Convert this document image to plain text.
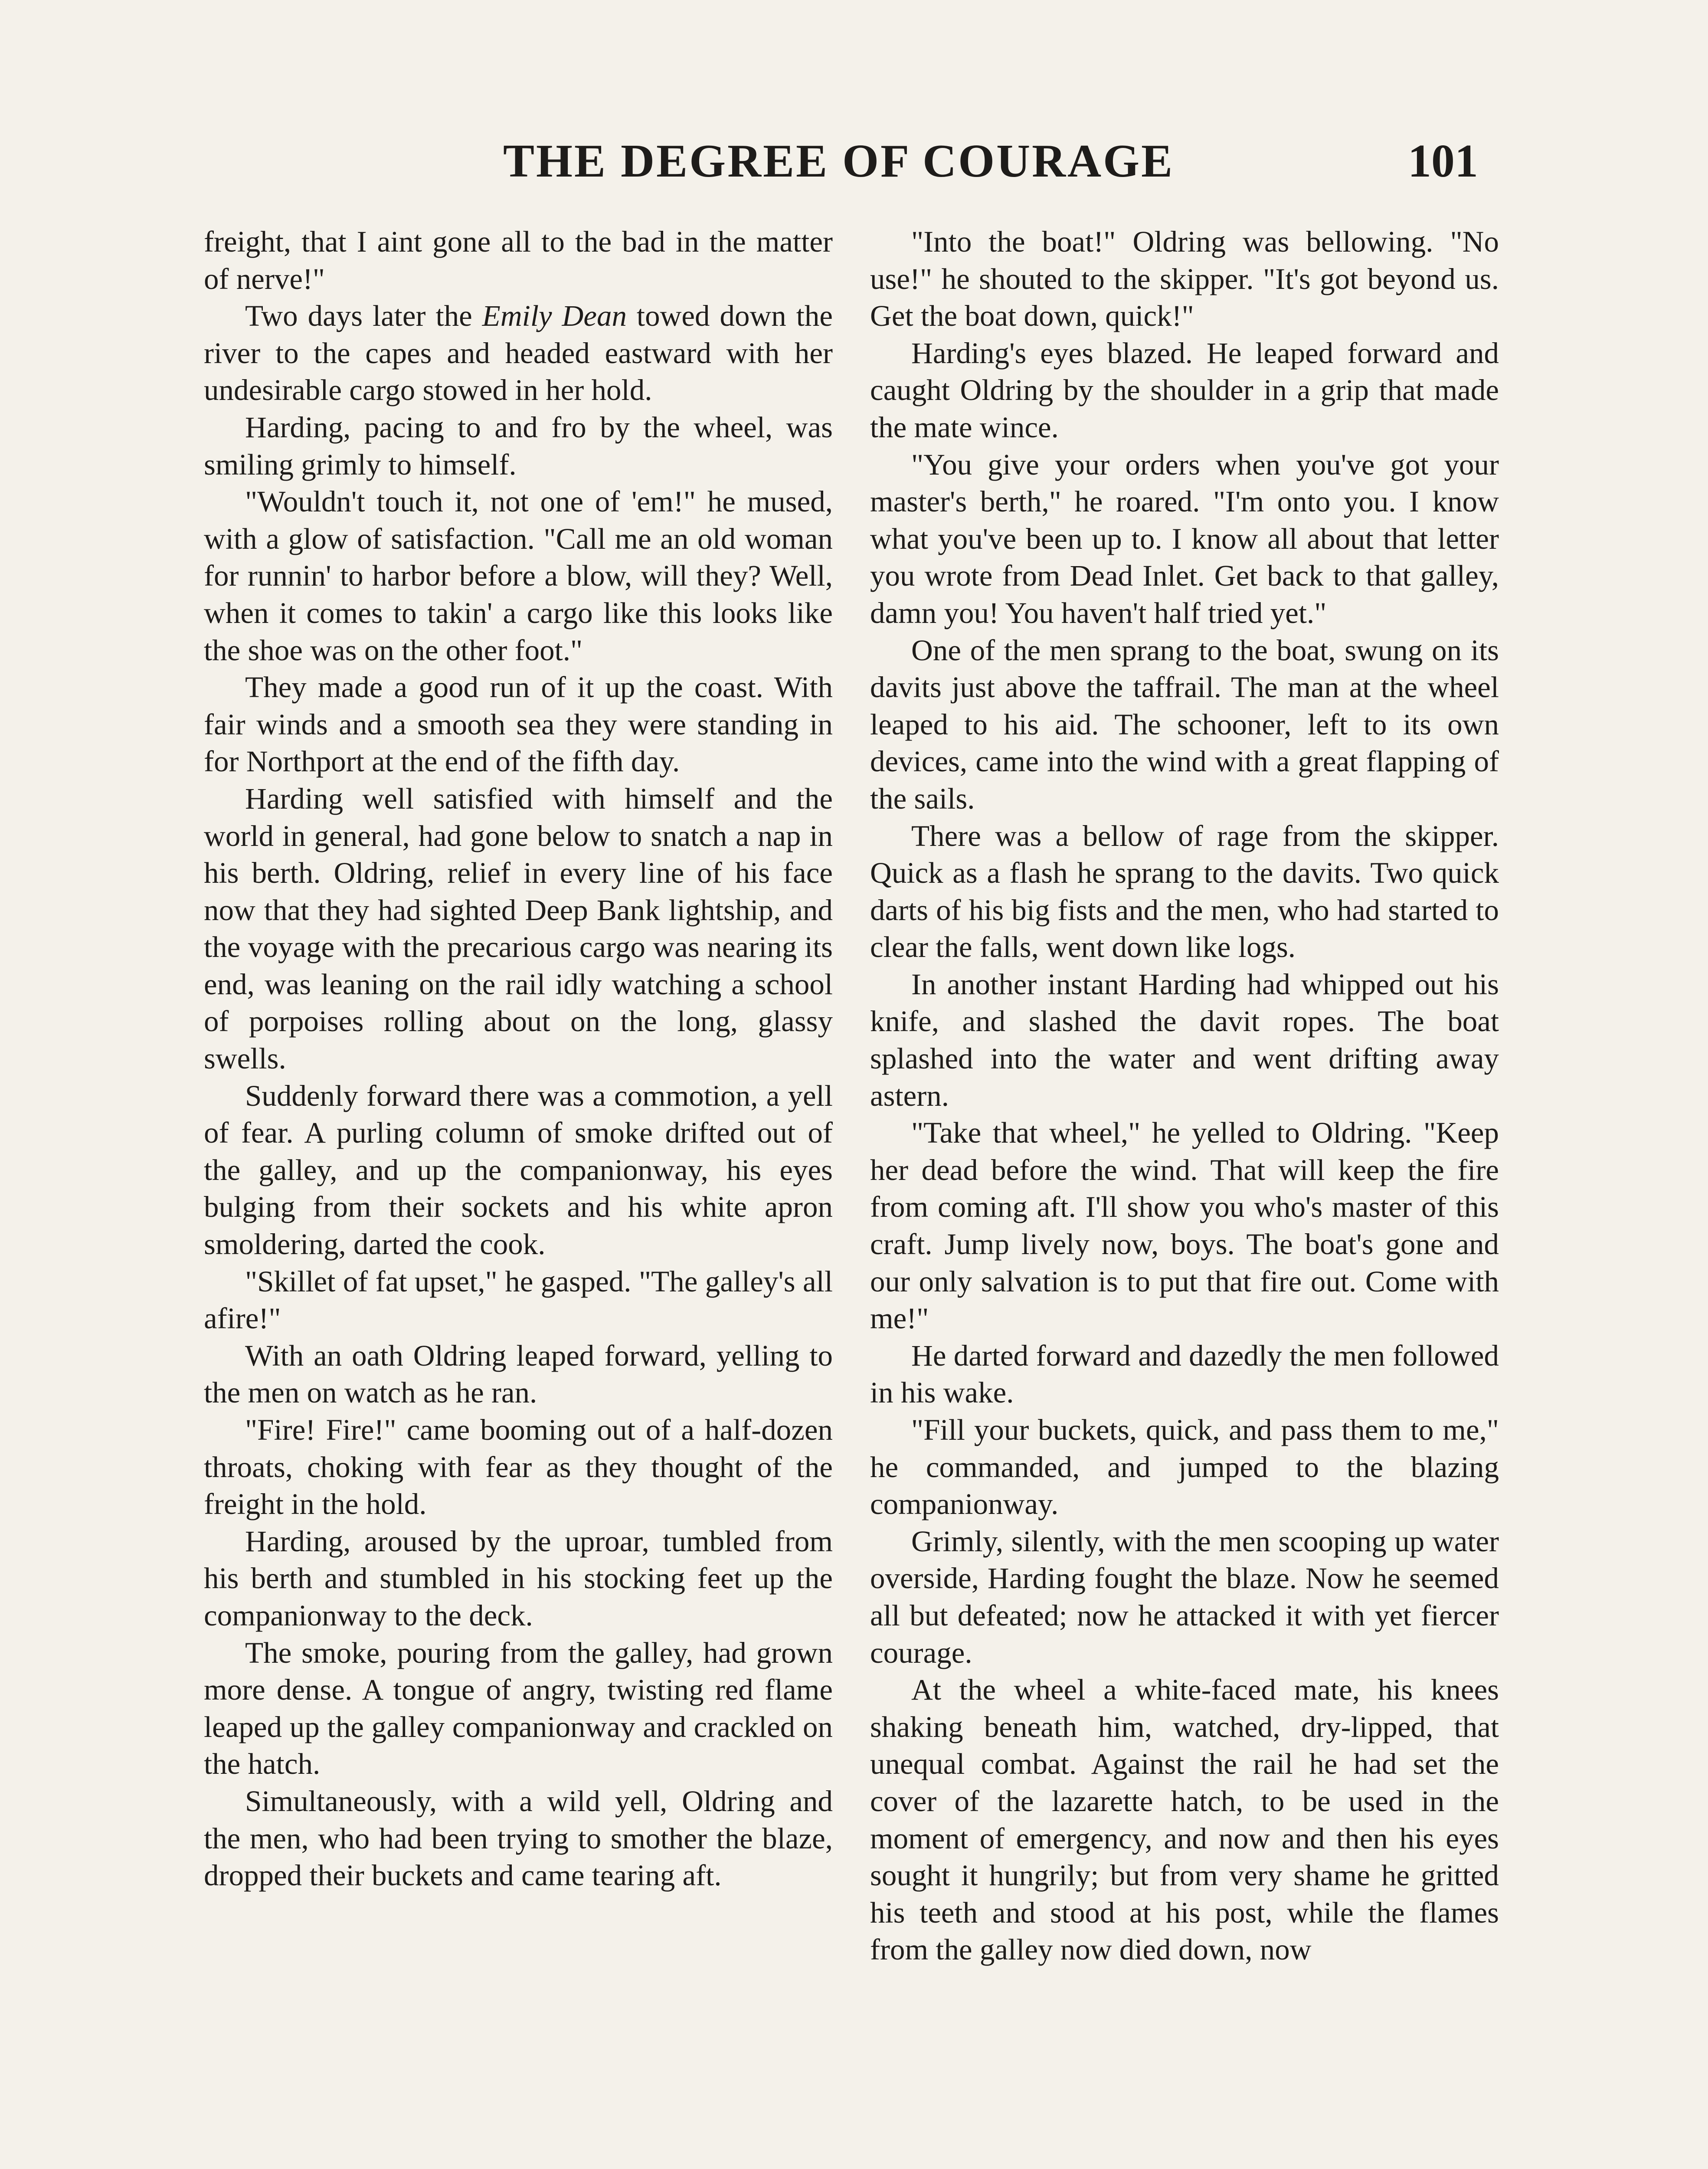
THE DEGREE OF COURAGE	101

freight, that I aint gone all to the bad in the matter of nerve!"

Two days later the Emily Dean towed down the river to the capes and headed eastward with her undesirable cargo stowed in her hold.

Harding, pacing to and fro by the wheel, was smiling grimly to himself.

"Wouldn't touch it, not one of 'em!" he mused, with a glow of satisfaction. "Call me an old woman for runnin' to harbor before a blow, will they? Well, when it comes to takin' a cargo like this looks like the shoe was on the other foot."

They made a good run of it up the coast. With fair winds and a smooth sea they were standing in for Northport at the end of the fifth day.

Harding well satisfied with himself and the world in general, had gone below to snatch a nap in his berth. Oldring, relief in every line of his face now that they had sighted Deep Bank lightship, and the voyage with the precarious cargo was nearing its end, was leaning on the rail idly watching a school of porpoises rolling about on the long, glassy swells.

Suddenly forward there was a commotion, a yell of fear. A purling column of smoke drifted out of the galley, and up the companionway, his eyes bulging from their sockets and his white apron smoldering, darted the cook.

"Skillet of fat upset," he gasped. "The galley's all afire!"

With an oath Oldring leaped forward, yelling to the men on watch as he ran.

"Fire! Fire!" came booming out of a half-dozen throats, choking with fear as they thought of the freight in the hold.

Harding, aroused by the uproar, tumbled from his berth and stumbled in his stocking feet up the companionway to the deck.

The smoke, pouring from the galley, had grown more dense. A tongue of angry, twisting red flame leaped up the galley companionway and crackled on the hatch.

Simultaneously, with a wild yell, Oldring and the men, who had been trying to smother the blaze, dropped their buckets and came tearing aft.

"Into the boat!" Oldring was bellowing. "No use!" he shouted to the skipper. "It's got beyond us. Get the boat down, quick!"

Harding's eyes blazed. He leaped forward and caught Oldring by the shoulder in a grip that made the mate wince.

"You give your orders when you've got your master's berth," he roared. "I'm onto you. I know what you've been up to. I know all about that letter you wrote from Dead Inlet. Get back to that galley, damn you! You haven't half tried yet."

One of the men sprang to the boat, swung on its davits just above the taffrail. The man at the wheel leaped to his aid. The schooner, left to its own devices, came into the wind with a great flapping of the sails.

There was a bellow of rage from the skipper. Quick as a flash he sprang to the davits. Two quick darts of his big fists and the men, who had started to clear the falls, went down like logs.

In another instant Harding had whipped out his knife, and slashed the davit ropes. The boat splashed into the water and went drifting away astern.

"Take that wheel," he yelled to Oldring. "Keep her dead before the wind. That will keep the fire from coming aft. I'll show you who's master of this craft. Jump lively now, boys. The boat's gone and our only salvation is to put that fire out. Come with me!"

He darted forward and dazedly the men followed in his wake.

"Fill your buckets, quick, and pass them to me," he commanded, and jumped to the blazing companionway.

Grimly, silently, with the men scooping up water overside, Harding fought the blaze. Now he seemed all but defeated; now he attacked it with yet fiercer courage.

At the wheel a white-faced mate, his knees shaking beneath him, watched, dry-lipped, that unequal combat. Against the rail he had set the cover of the lazarette hatch, to be used in the moment of emergency, and now and then his eyes sought it hungrily; but from very shame he gritted his teeth and stood at his post, while the flames from the galley now died down, now
